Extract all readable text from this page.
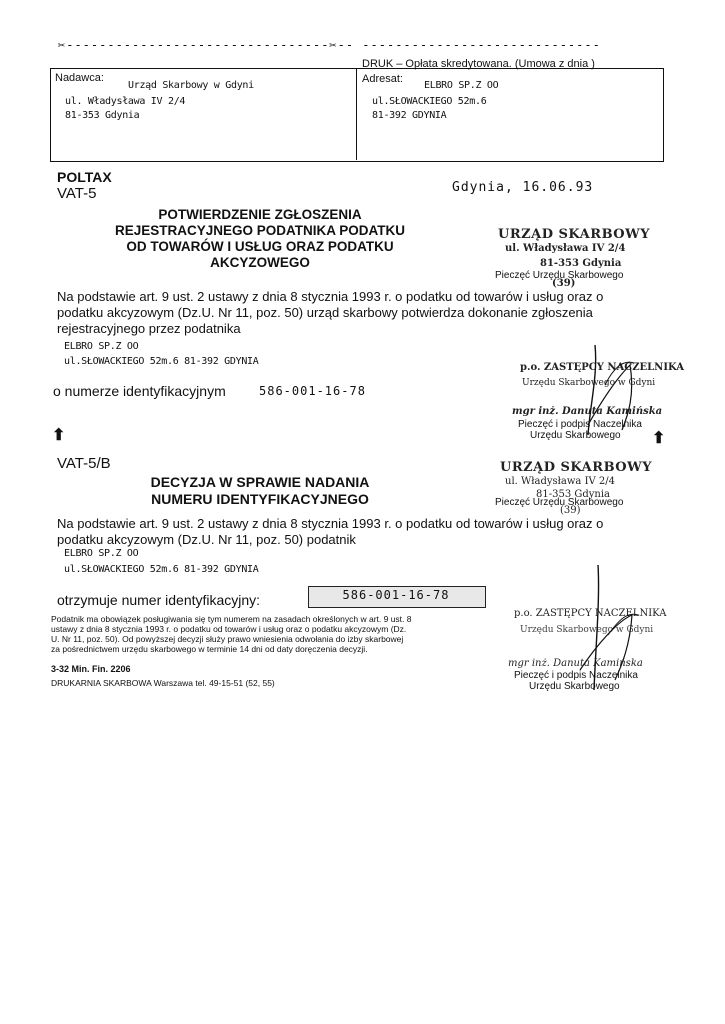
✂--------------------------------✂-- -----------------------------
DRUK – Opłata skredytowana. (Umowa z dnia )
Nadawca:
Urząd Skarbowy w Gdyni
ul. Władysława IV 2/4
81-353 Gdynia
Adresat:
ELBRO SP.Z OO
ul.SŁOWACKIEGO 52m.6
81-392 GDYNIA
POLTAX
VAT-5	Gdynia, 16.06.93
POTWIERDZENIE ZGŁOSZENIA
REJESTRACYJNEGO PODATNIKA PODATKU
OD TOWARÓW I USŁUG ORAZ PODATKU
AKCYZOWEGO
URZĄD SKARBOWY
ul. Władysława IV 2/4
81-353 Gdynia
Pieczęć Urzędu Skarbowego
(39)
Na podstawie art. 9 ust. 2 ustawy z dnia 8 stycznia 1993 r. o podatku od towarów i usług oraz o
podatku akcyzowym (Dz.U. Nr 11, poz. 50) urząd skarbowy potwierdza dokonanie zgłoszenia
rejestracyjnego przez podatnika
ELBRO SP.Z OO
ul.SŁOWACKIEGO 52m.6 81-392 GDYNIA
o numerze identyfikacyjnym	586-001-16-78
p.o. ZASTĘPCY NACZELNIKA
Urzędu Skarbowego w Gdyni
mgr inż. Danuta Kamińska
Pieczęć i podpis Naczelnika
Urzędu Skarbowego
⬆	⬆
VAT-5/B
DECYZJA W SPRAWIE NADANIA
NUMERU IDENTYFIKACYJNEGO
URZĄD SKARBOWY
ul. Władysława IV 2/4
81-353 Gdynia
Pieczęć Urzędu Skarbowego
(39)
Na podstawie art. 9 ust. 2 ustawy z dnia 8 stycznia 1993 r. o podatku od towarów i usług oraz o
podatku akcyzowym (Dz.U. Nr 11, poz. 50) podatnik
ELBRO SP.Z OO
ul.SŁOWACKIEGO 52m.6 81-392 GDYNIA
otrzymuje numer identyfikacyjny:	586-001-16-78
Podatnik ma obowiązek posługiwania się tym numerem na zasadach określonych w art. 9 ust. 8
ustawy z dnia 8 stycznia 1993 r. o podatku od towarów i usług oraz o podatku akcyzowym (Dz.
U. Nr 11, poz. 50). Od powyższej decyzji służy prawo wniesienia odwołania do izby skarbowej
za pośrednictwem urzędu skarbowego w terminie 14 dni od daty doręczenia decyzji.
3-32 Min. Fin. 2206
DRUKARNIA SKARBOWA Warszawa tel. 49-15-51 (52, 55)
p.o. ZASTĘPCY NACZELNIKA
Urzędu Skarbowego w Gdyni
mgr inż. Danuta Kamińska
Pieczęć i podpis Naczelnika
Urzędu Skarbowego
